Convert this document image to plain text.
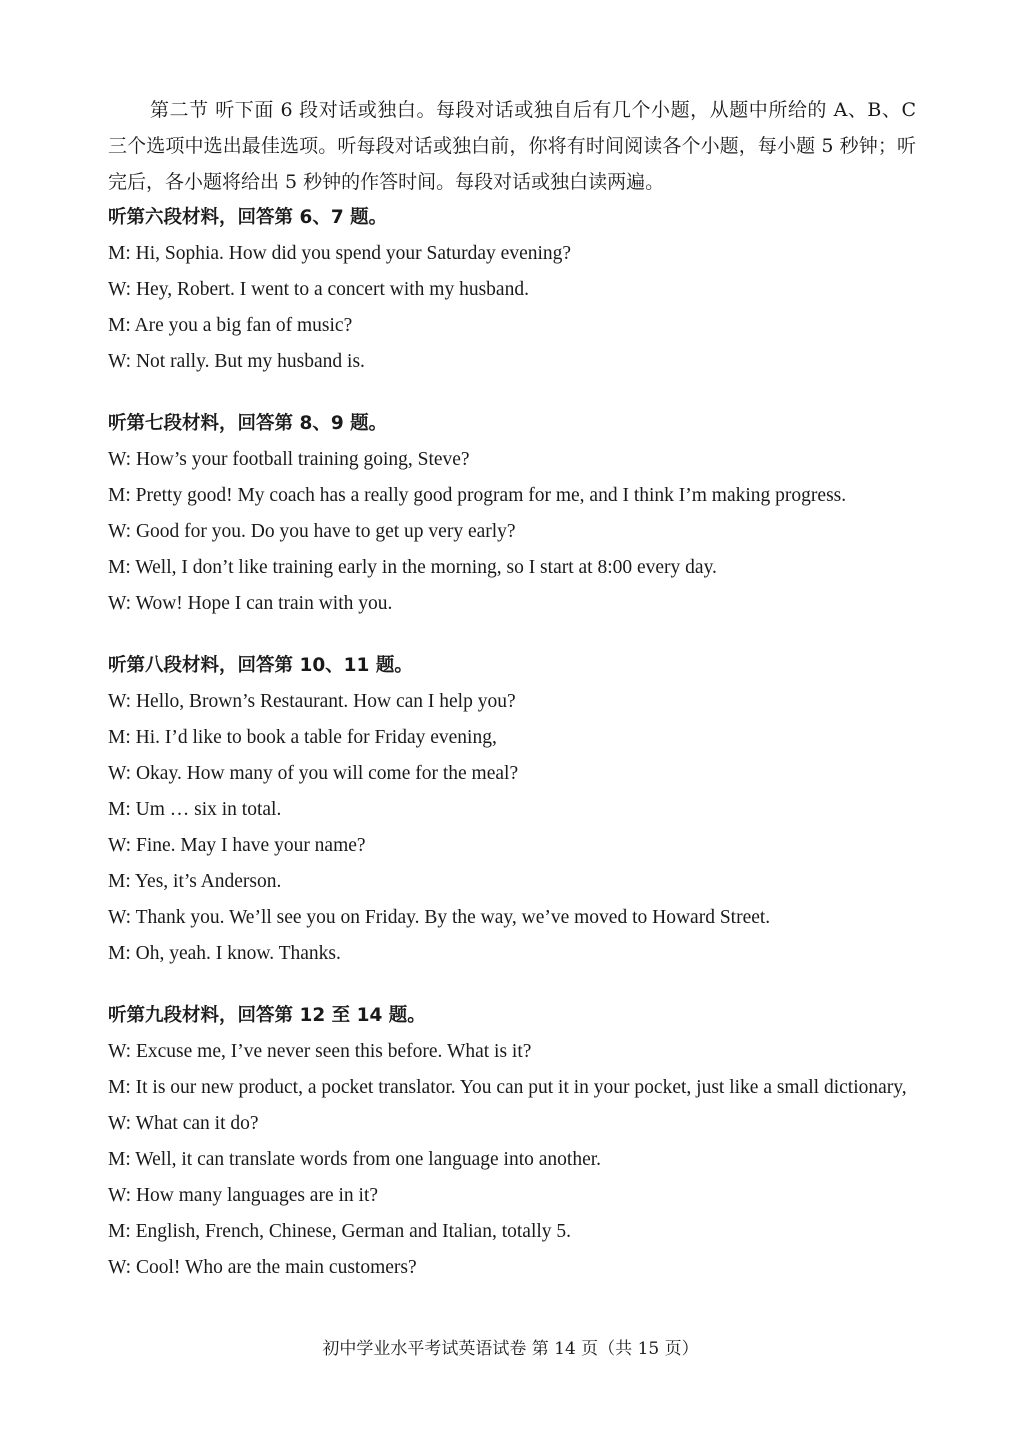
第二节 听下面 6 段对话或独白。每段对话或独自后有几个小题，从题中所给的 A、B、C 三个选项中选出最佳选项。听每段对话或独白前，你将有时间阅读各个小题，每小题 5 秒钟；听完后，各小题将给出 5 秒钟的作答时间。每段对话或独白读两遍。

听第六段材料，回答第 6、7 题。

M: Hi, Sophia. How did you spend your Saturday evening?

W: Hey, Robert. I went to a concert with my husband.

M: Are you a big fan of music?

W: Not rally. But my husband is.

听第七段材料，回答第 8、9 题。

W: How’s your football training going, Steve?

M: Pretty good! My coach has a really good program for me, and I think I’m making progress.

W: Good for you. Do you have to get up very early?

M: Well, I don’t like training early in the morning, so I start at 8:00 every day.

W: Wow! Hope I can train with you.

听第八段材料，回答第 10、11 题。

W: Hello, Brown’s Restaurant. How can I help you?

M: Hi. I’d like to book a table for Friday evening,

W: Okay. How many of you will come for the meal?

M: Um … six in total.

W: Fine. May I have your name?

M: Yes, it’s Anderson.

W: Thank you. We’ll see you on Friday. By the way, we’ve moved to Howard Street.

M: Oh, yeah. I know. Thanks.

听第九段材料，回答第 12 至 14 题。

W: Excuse me, I’ve never seen this before. What is it?

M: It is our new product, a pocket translator. You can put it in your pocket, just like a small dictionary,

W: What can it do?

M: Well, it can translate words from one language into another.

W: How many languages are in it?

M: English, French, Chinese, German and Italian, totally 5.

W: Cool! Who are the main customers?

初中学业水平考试英语试卷 第 14 页（共 15 页）
